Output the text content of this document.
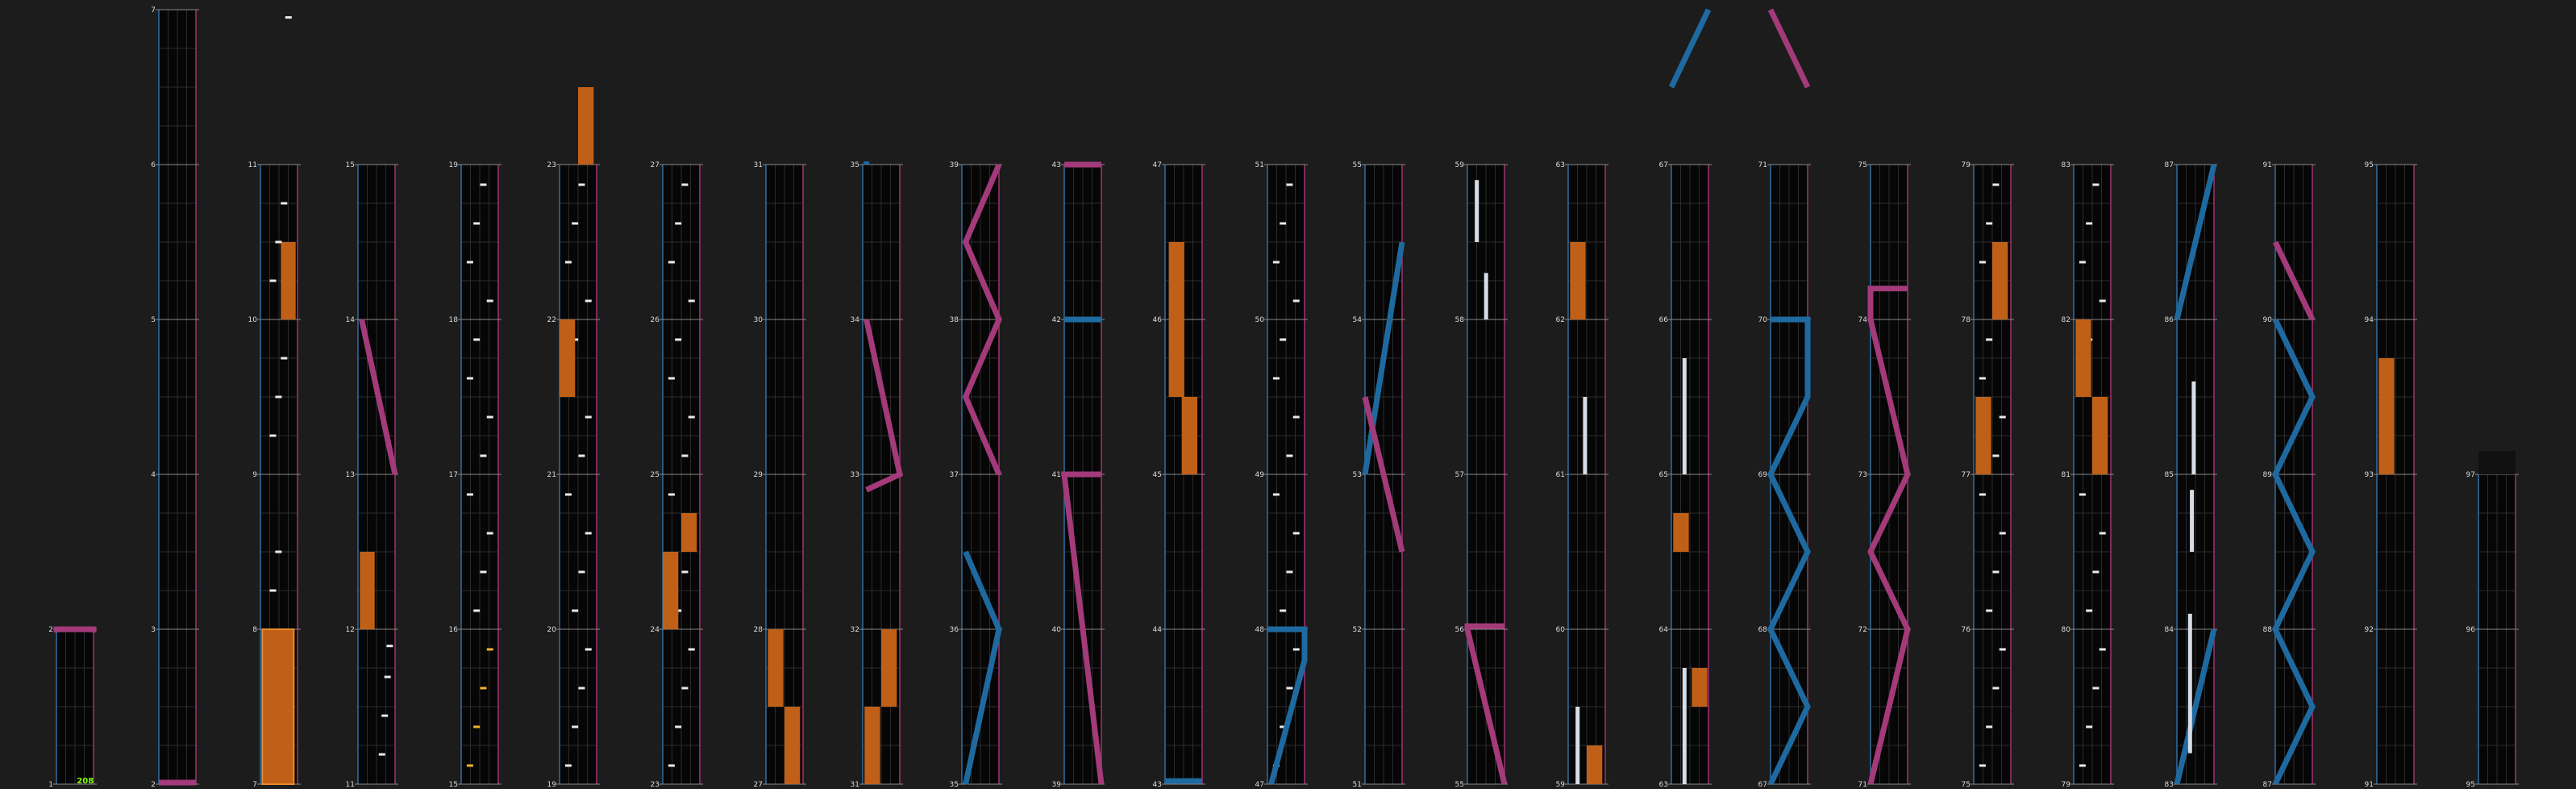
1
2
2
3
4
5
6
7
7
8
9
10
11
11
12
13
14
15
15
16
17
18
19
19
20
21
22
23
23
24
25
26
27
27
28
29
30
31
31
32
33
34
35
35
36
37
38
39
39
40
41
42
43
43
44
45
46
47
47
48
49
50
51
51
52
53
54
55
55
56
57
58
59
59
60
61
62
63
63
64
65
66
67
67
68
69
70
71
71
72
73
74
75
75
76
77
78
79
79
80
81
82
83
83
84
85
86
87
87
88
89
90
91
91
92
93
94
95
95
96
97
208
